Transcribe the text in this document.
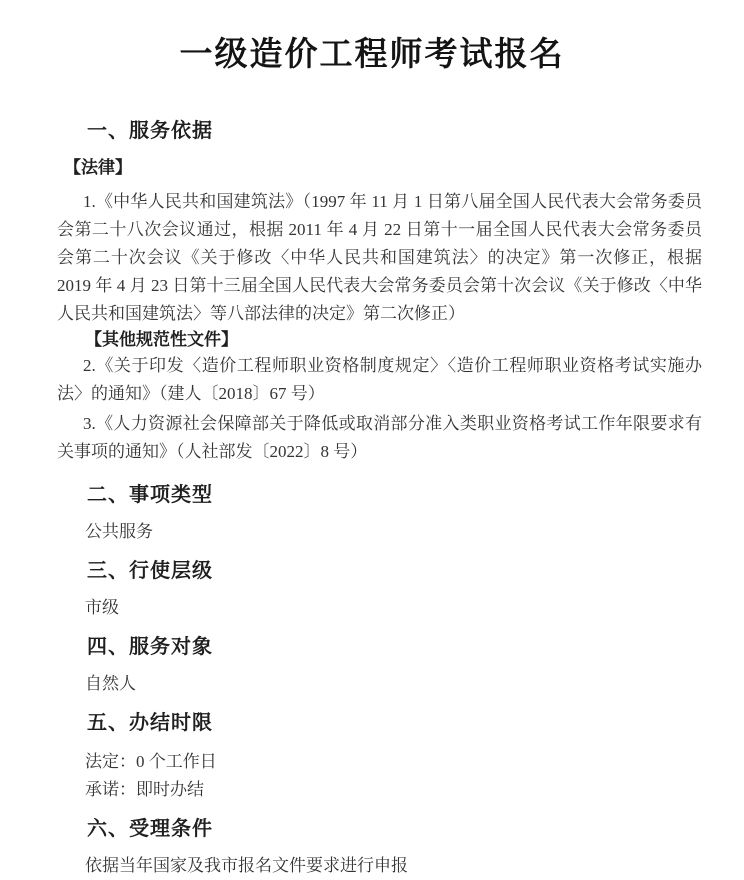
一级造价工程师考试报名
一、服务依据
【法律】

1.《中华人民共和国建筑法》（1997 年 11 月 1 日第八届全国人民代表大会常务委员会第二十八次会议通过，根据 2011 年 4 月 22 日第十一届全国人民代表大会常务委员会第二十次会议《关于修改〈中华人民共和国建筑法〉的决定》第一次修正，根据 2019 年 4 月 23 日第十三届全国人民代表大会常务委员会第十次会议《关于修改〈中华人民共和国建筑法〉等八部法律的决定》第二次修正）

【其他规范性文件】

2.《关于印发〈造价工程师职业资格制度规定〉〈造价工程师职业资格考试实施办法〉的通知》（建人〔2018〕67 号）

3.《人力资源社会保障部关于降低或取消部分准入类职业资格考试工作年限要求有关事项的通知》（人社部发〔2022〕8 号）

二、事项类型

公共服务

三、行使层级

市级

四、服务对象

自然人

五、办结时限

法定：0 个工作日

承诺：即时办结

六、受理条件

依据当年国家及我市报名文件要求进行申报
